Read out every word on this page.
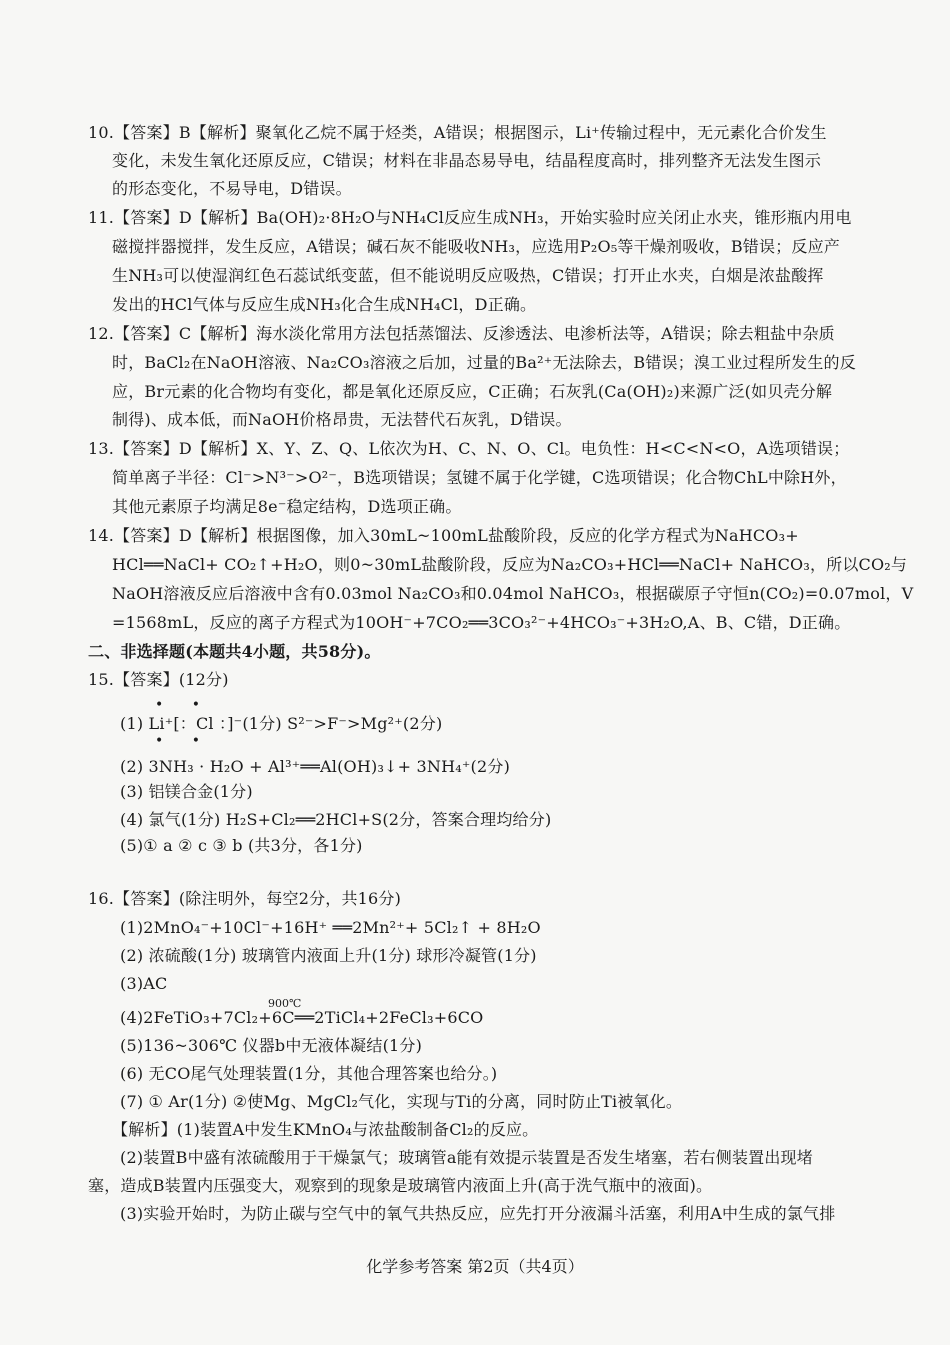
10.【答案】B【解析】聚氧化乙烷不属于烃类，A错误；根据图示，Li⁺传输过程中，无元素化合价发生
变化，未发生氧化还原反应，C错误；材料在非晶态易导电，结晶程度高时，排列整齐无法发生图示
的形态变化，不易导电，D错误。
11.【答案】D【解析】Ba(OH)₂·8H₂O与NH₄Cl反应生成NH₃，开始实验时应关闭止水夹，锥形瓶内用电
磁搅拌器搅拌，发生反应，A错误；碱石灰不能吸收NH₃，应选用P₂O₅等干燥剂吸收，B错误；反应产
生NH₃可以使湿润红色石蕊试纸变蓝，但不能说明反应吸热，C错误；打开止水夹，白烟是浓盐酸挥
发出的HCl气体与反应生成NH₃化合生成NH₄Cl，D正确。
12.【答案】C【解析】海水淡化常用方法包括蒸馏法、反渗透法、电渗析法等，A错误；除去粗盐中杂质
时，BaCl₂在NaOH溶液、Na₂CO₃溶液之后加，过量的Ba²⁺无法除去，B错误；溴工业过程所发生的反
应，Br元素的化合物均有变化，都是氧化还原反应，C正确；石灰乳(Ca(OH)₂)来源广泛(如贝壳分解
制得)、成本低，而NaOH价格昂贵，无法替代石灰乳，D错误。
13.【答案】D【解析】X、Y、Z、Q、L依次为H、C、N、O、Cl。电负性：H<C<N<O，A选项错误；
简单离子半径：Cl⁻>N³⁻>O²⁻，B选项错误；氢键不属于化学键，C选项错误；化合物ChL中除H外，
其他元素原子均满足8e⁻稳定结构，D选项正确。
14.【答案】D【解析】根据图像，加入30mL~100mL盐酸阶段，反应的化学方程式为NaHCO₃+
HCl══NaCl+ CO₂↑+H₂O，则0~30mL盐酸阶段，反应为Na₂CO₃+HCl══NaCl+ NaHCO₃，所以CO₂与
NaOH溶液反应后溶液中含有0.03mol Na₂CO₃和0.04mol NaHCO₃，根据碳原子守恒n(CO₂)=0.07mol，V
=1568mL，反应的离子方程式为10OH⁻+7CO₂══3CO₃²⁻+4HCO₃⁻+3H₂O,A、B、C错，D正确。
二、非选择题(本题共4小题，共58分)。
15.【答案】(12分)
• •
(1) Li⁺[：Cl ：]⁻(1分) S²⁻>F⁻>Mg²⁺(2分)
• •
(2) 3NH₃ · H₂O + Al³⁺══Al(OH)₃↓+ 3NH₄⁺(2分)
(3) 铝镁合金(1分)
(4) 氯气(1分) H₂S+Cl₂══2HCl+S(2分，答案合理均给分)
(5)① a ② c ③ b (共3分，各1分)
16.【答案】(除注明外，每空2分，共16分)
(1)2MnO₄⁻+10Cl⁻+16H⁺ ══2Mn²⁺+ 5Cl₂↑ + 8H₂O
(2) 浓硫酸(1分) 玻璃管内液面上升(1分) 球形冷凝管(1分)
(3)AC
900℃
(4)2FeTiO₃+7Cl₂+6C══2TiCl₄+2FeCl₃+6CO
(5)136~306℃ 仪器b中无液体凝结(1分)
(6) 无CO尾气处理装置(1分，其他合理答案也给分。)
(7) ① Ar(1分) ②使Mg、MgCl₂气化，实现与Ti的分离，同时防止Ti被氧化。
【解析】(1)装置A中发生KMnO₄与浓盐酸制备Cl₂的反应。
(2)装置B中盛有浓硫酸用于干燥氯气；玻璃管a能有效提示装置是否发生堵塞，若右侧装置出现堵
塞，造成B装置内压强变大，观察到的现象是玻璃管内液面上升(高于洗气瓶中的液面)。
(3)实验开始时，为防止碳与空气中的氧气共热反应，应先打开分液漏斗活塞，利用A中生成的氯气排
化学参考答案 第2页（共4页）
